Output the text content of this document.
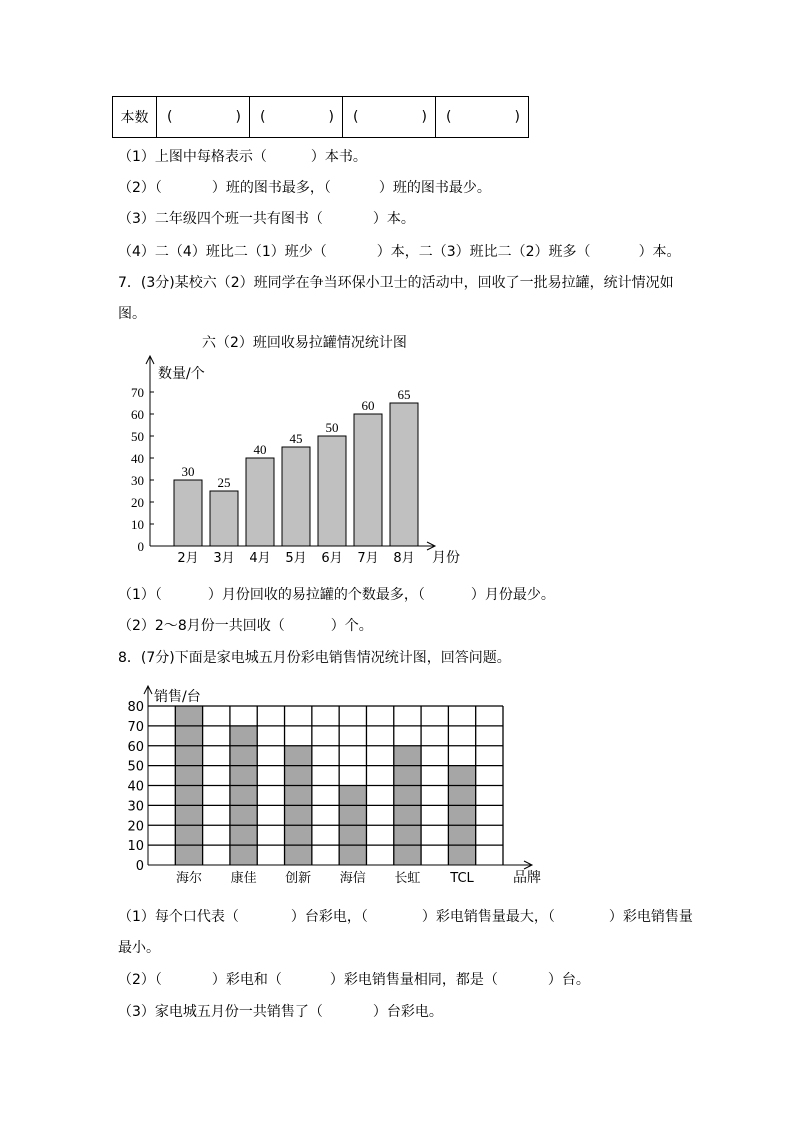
本数	(	)	(	)	(	)	(	)
（1）上图中每格表示（	）本书。
（2）（	）班的图书最多，（	）班的图书最少。
（3）二年级四个班一共有图书（	）本。
（4）二（4）班比二（1）班少（	）本，二（3）班比二（2）班多（	）本。
7．(3分)某校六（2）班同学在争当环保小卫士的活动中，回收了一批易拉罐，统计情况如
图。
六（2）班回收易拉罐情况统计图
数量/个
月份
0
10
20
30
40
50
60
70
30
2月
25
3月
40
4月
45
5月
50
6月
60
7月
65
8月
（1）（	）月份回收的易拉罐的个数最多，（	）月份最少。
（2）2～8月份一共回收（	）个。
8．(7分)下面是家电城五月份彩电销售情况统计图，回答问题。
海尔 康佳 创新 海信 长虹 TCL
0
10
20
30
40
50
60
70
80
销售/台
品牌
（1）每个口代表（	）台彩电，（	）彩电销售量最大，（	）彩电销售量
最小。
（2）（	）彩电和（	）彩电销售量相同，都是（	）台。
（3）家电城五月份一共销售了（	）台彩电。
